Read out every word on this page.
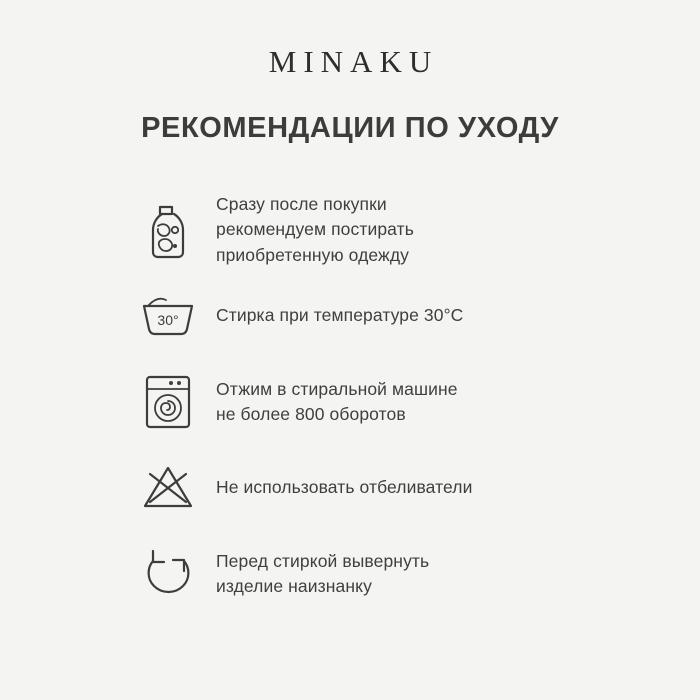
MINAKU
РЕКОМЕНДАЦИИ ПО УХОДУ
Сразу после покупки
рекомендуем постирать
приобретенную одежду
30° Стирка при температуре 30°C
Отжим в стиральной машине
не более 800 оборотов
Не использовать отбеливатели
Перед стиркой вывернуть
изделие наизнанку
